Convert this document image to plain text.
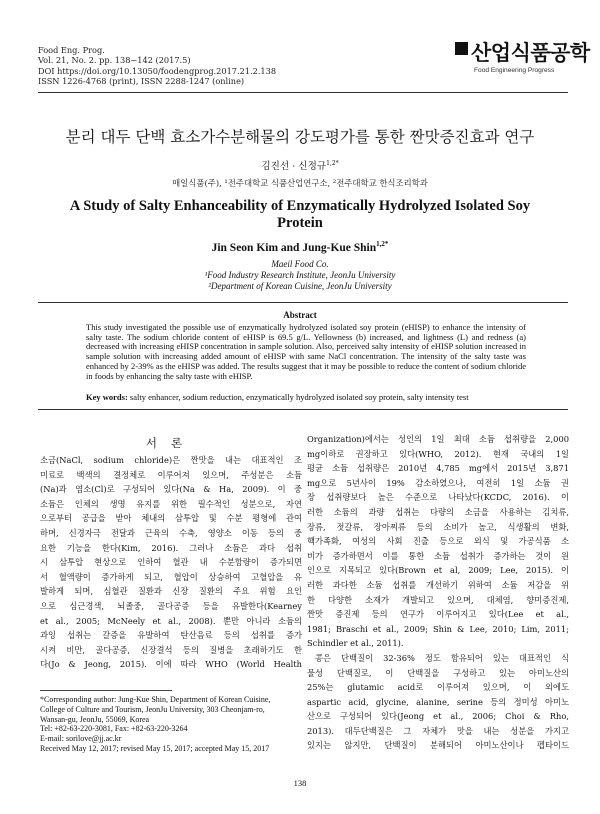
Food Eng. Prog.
Vol. 21, No. 2. pp. 138~142 (2017.5)
DOI https://doi.org/10.13050/foodengprog.2017.21.2.138
ISSN 1226-4768 (print), ISSN 2288-1247 (online)
산업식품공학
Food Engineering Progress
분리 대두 단백 효소가수분해물의 강도평가를 통한 짠맛증진효과 연구
김진선 · 신정규$^{1,2*}$
매일식품(주), ¹전주대학교 식품산업연구소, ²전주대학교 한식조리학과
A Study of Salty Enhanceability of Enzymatically Hydrolyzed Isolated Soy Protein
Jin Seon Kim and Jung-Kue Shin$^{1,2*}$
Maeil Food Co.
¹Food Industry Research Institute, JeonJu University
²Department of Korean Cuisine, JeonJu University
Abstract
This study investigated the possible use of enzymatically hydrolyzed isolated soy protein (eHISP) to enhance the intensity of salty taste. The sodium chloride content of eHISP is 69.5 g/L. Yellowness (b) increased, and lightness (L) and redness (a) decreased with increasing eHISP concentration in sample solution. Also, perceived salty intensity of eHISP solution increased in sample solution with increasing added amount of eHISP with same NaCl concentration. The intensity of the salty taste was enhanced by 2-39% as the eHISP was added. The results suggest that it may be possible to reduce the content of sodium chloride in foods by enhancing the salty taste with eHISP.
Key words: salty enhancer, sodium reduction, enzymatically hydrolyzed isolated soy protein, salty intensity test
서론
소금(NaCl, sodium chloride)은 짠맛을 내는 대표적인 조
미료로 백색의 결정체로 이루어져 있으며, 주성분은 소듐
(Na)과 염소(Cl)로 구성되어 있다(Na & Ha, 2009). 이 중
소듐은 인체의 생명 유지를 위한 필수적인 성분으로, 자연
으로부터 공급을 받아 체내의 삼투압 및 수분 평형에 관여
하며, 신경자극 전달과 근육의 수축, 영양소 이동 등의 중
요한 기능을 한다(Kim, 2016). 그러나 소듐은 과다 섭취
시 삼투압 현상으로 인하여 혈관 내 수분함량이 증가되면
서 혈액량이 증가하게 되고, 혈압이 상승하여 고혈압을 유
발하게 되며, 심혈관 질환과 신장 질환의 주요 위험 요인
으로 심근경색, 뇌졸중, 골다공증 등을 유발한다(Kearney
et al., 2005; McNeely et al., 2008). 뿐만 아니라 소듐의
과잉 섭취는 갈증을 유발하여 탄산음료 등의 섭취를 증가
시켜 비만, 골다공증, 신장결석 등의 질병을 초래하기도 한
다(Jo & Jeong, 2015). 이에 따라 WHO (World Health
Organization)에서는 성인의 1일 최대 소듐 섭취량을 2,000
mg이하로 권장하고 있다(WHO, 2012). 현재 국내의 1일
평균 소듐 섭취량은 2010년 4,785 mg에서 2015년 3,871
mg으로 5년사이 19% 감소하였으나, 여전히 1일 소듐 권
장 섭취량보다 높은 수준으로 나타났다(KCDC, 2016). 이
러한 소듐의 과량 섭취는 다량의 소금을 사용하는 김치류,
장류, 젓갈류, 장아찌류 등의 소비가 높고, 식생활의 변화,
핵가족화, 여성의 사회 진출 등으로 외식 및 가공식품 소
비가 증가하면서 이를 통한 소듐 섭취가 증가하는 것이 원
인으로 지목되고 있다(Brown et al, 2009; Lee, 2015). 이
러한 과다한 소듐 섭취를 개선하기 위하여 소듐 저감을 위
한 다양한 소재가 개발되고 있으며, 대체염, 향미증진제,
짠맛 증진제 등의 연구가 이루어지고 있다(Lee et al.,
1981; Braschi et al., 2009; Shin & Lee, 2010; Lim, 2011;
Schindler et al., 2011).
콩은 단백질이 32-36% 정도 함유되어 있는 대표적인 식
물성 단백질로, 이 단백질을 구성하고 있는 아미노산의
25%는 glutamic acid로 이루어져 있으며, 이 외에도
aspartic acid, glycine, alanine, serine 등의 정미성 아미노
산으로 구성되어 있다(Jeong et al., 2006; Choi & Rho,
2013). 대두단백질은 그 자체가 맛을 내는 성분을 가지고
있지는 않지만, 단백질이 분해되어 아미노산이나 펩타이드
*Corresponding author: Jung-Kue Shin, Department of Korean Cuisine,
College of Culture and Tourism, JeonJu University, 303 Cheonjam-ro,
Wansan-gu, JeonJu, 55069, Korea
Tel: +82-63-220-3081, Fax: +82-63-220-3264
E-mail: sorilove@jj.ac.kr
Received May 12, 2017; revised May 15, 2017; accepted May 15, 2017
138
